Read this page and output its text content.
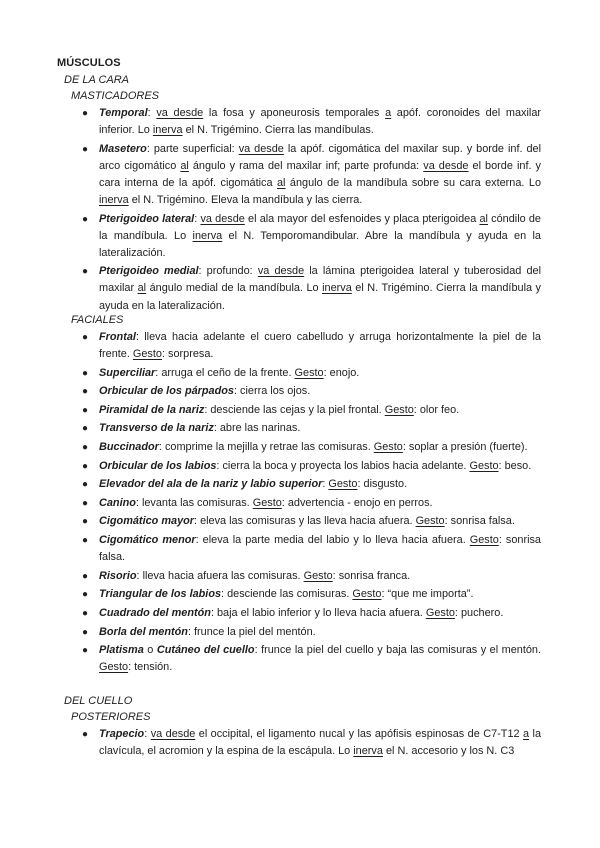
MÚSCULOS
DE LA CARA
MASTICADORES
● Temporal: va desde la fosa y aponeurosis temporales a apóf. coronoides del maxilar inferior. Lo inerva el N. Trigémino. Cierra las mandíbulas.
● Masetero: parte superficial: va desde la apóf. cigomática del maxilar sup. y borde inf. del arco cigomático al ángulo y rama del maxilar inf; parte profunda: va desde el borde inf. y cara interna de la apóf. cigomática al ángulo de la mandíbula sobre su cara externa. Lo inerva el N. Trigémino. Eleva la mandíbula y las cierra.
● Pterigoideo lateral: va desde el ala mayor del esfenoides y placa pterigoidea al cóndilo de la mandíbula. Lo inerva el N. Temporomandibular. Abre la mandíbula y ayuda en la lateralización.
● Pterigoideo medial: profundo: va desde la lámina pterigoidea lateral y tuberosidad del maxilar al ángulo medial de la mandíbula. Lo inerva el N. Trigémino. Cierra la mandíbula y ayuda en la lateralización.
FACIALES
● Frontal: lleva hacia adelante el cuero cabelludo y arruga horizontalmente la piel de la frente. Gesto: sorpresa.
● Superciliar: arruga el ceño de la frente. Gesto: enojo.
● Orbicular de los párpados: cierra los ojos.
● Piramidal de la nariz: desciende las cejas y la piel frontal. Gesto: olor feo.
● Transverso de la nariz: abre las narinas.
● Buccinador: comprime la mejilla y retrae las comisuras. Gesto: soplar a presión (fuerte).
● Orbicular de los labios: cierra la boca y proyecta los labios hacia adelante. Gesto: beso.
● Elevador del ala de la nariz y labio superior: Gesto: disgusto.
● Canino: levanta las comisuras. Gesto: advertencia - enojo en perros.
● Cigomático mayor: eleva las comisuras y las lleva hacia afuera. Gesto: sonrisa falsa.
● Cigomático menor: eleva la parte media del labio y lo lleva hacia afuera. Gesto: sonrisa falsa.
● Risorio: lleva hacia afuera las comisuras. Gesto: sonrisa franca.
● Triangular de los labios: desciende las comisuras. Gesto: “que me importa”.
● Cuadrado del mentón: baja el labio inferior y lo lleva hacia afuera. Gesto: puchero.
● Borla del mentón: frunce la piel del mentón.
● Platisma o Cutáneo del cuello: frunce la piel del cuello y baja las comisuras y el mentón. Gesto: tensión.
DEL CUELLO
POSTERIORES
● Trapecio: va desde el occipital, el ligamento nucal y las apófisis espinosas de C7-T12 a la clavícula, el acromion y la espina de la escápula. Lo inerva el N. accesorio y los N. C3
